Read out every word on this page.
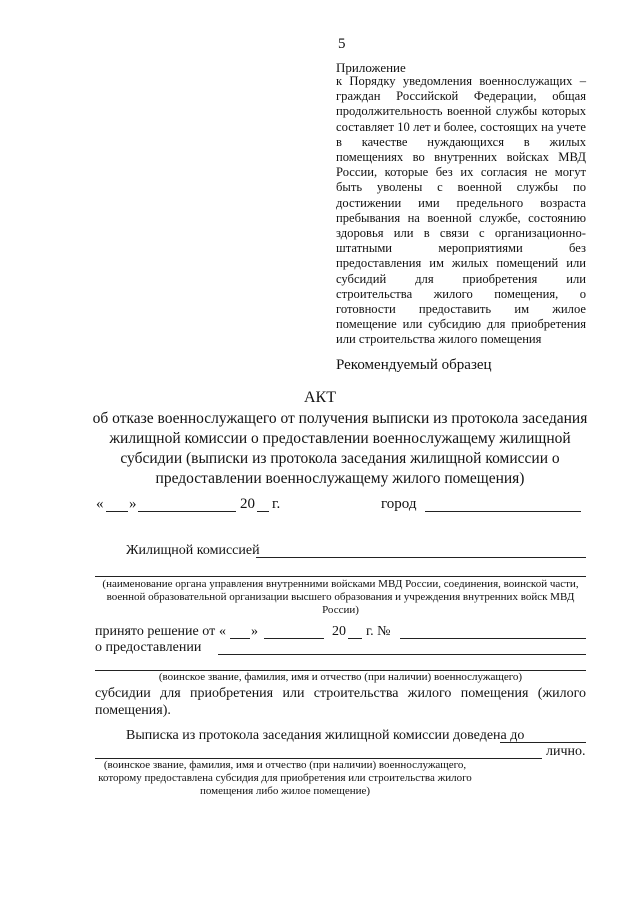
5
Приложение
к Порядку уведомления военнослужащих – граждан Российской Федерации, общая продолжительность военной службы которых составляет 10 лет и более, состоящих на учете в качестве нуждающихся в жилых помещениях во внутренних войсках МВД России, которые без их согласия не могут быть уволены с военной службы по достижении ими предельного возраста пребывания на военной службе, состоянию здоровья или в связи с организационно-штатными мероприятиями без предоставления им жилых помещений или субсидий для приобретения или строительства жилого помещения, о готовности предоставить им жилое помещение или субсидию для приобретения или строительства жилого помещения
Рекомендуемый образец
АКТ
об отказе военнослужащего от получения выписки из протокола заседания жилищной комиссии о предоставлении военнослужащему жилищной субсидии (выписки из протокола заседания жилищной комиссии о предоставлении военнослужащему жилого помещения)
« »	20 г.	город
Жилищной комиссией
(наименование органа управления внутренними войсками МВД России, соединения, воинской части, военной образовательной организации высшего образования и учреждения внутренних войск МВД России)
принято решение от « »	20 г. №
о предоставлении
(воинское звание, фамилия, имя и отчество (при наличии) военнослужащего)
субсидии для приобретения или строительства жилого помещения (жилого помещения).
Выписка из протокола заседания жилищной комиссии доведена до
лично.
(воинское звание, фамилия, имя и отчество (при наличии) военнослужащего, которому предоставлена субсидия для приобретения или строительства жилого помещения либо жилое помещение)
